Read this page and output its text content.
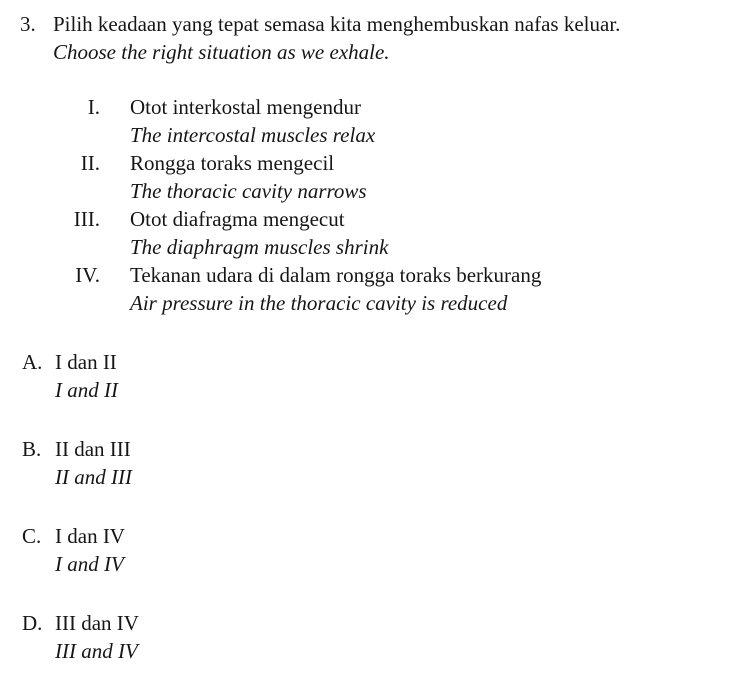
3. Pilih keadaan yang tepat semasa kita menghembuskan nafas keluar.
Choose the right situation as we exhale.
I. Otot interkostal mengendur
The intercostal muscles relax
II. Rongga toraks mengecil
The thoracic cavity narrows
III. Otot diafragma mengecut
The diaphragm muscles shrink
IV. Tekanan udara di dalam rongga toraks berkurang
Air pressure in the thoracic cavity is reduced
A. I dan II
I and II
B. II dan III
II and III
C. I dan IV
I and IV
D. III dan IV
III and IV
